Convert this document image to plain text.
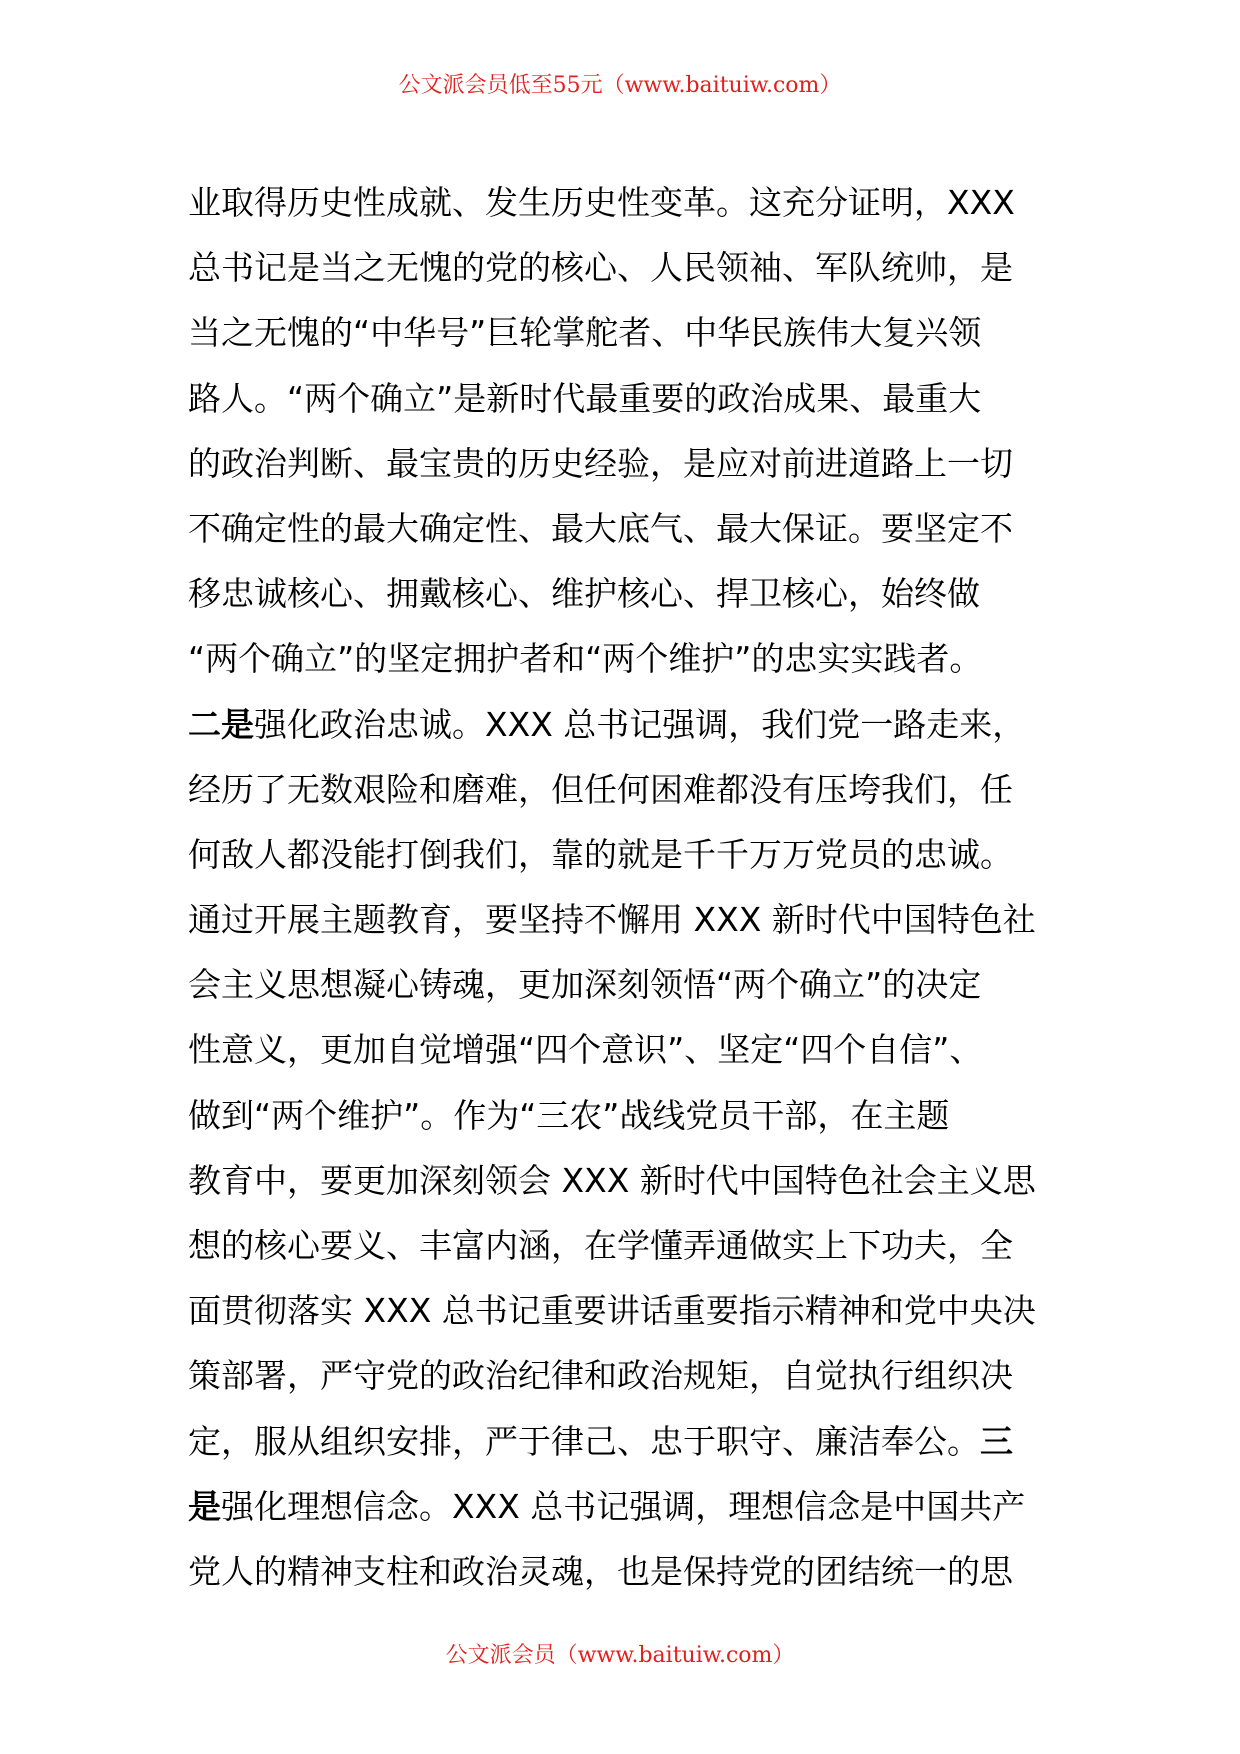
公文派会员低至55元（www.baituiw.com）
业取得历史性成就、发生历史性变革。这充分证明，XXX
总书记是当之无愧的党的核心、人民领袖、军队统帅，是
当之无愧的“中华号”巨轮掌舵者、中华民族伟大复兴领
路人。“两个确立”是新时代最重要的政治成果、最重大
的政治判断、最宝贵的历史经验，是应对前进道路上一切
不确定性的最大确定性、最大底气、最大保证。要坚定不
移忠诚核心、拥戴核心、维护核心、捍卫核心，始终做
“两个确立”的坚定拥护者和“两个维护”的忠实实践者。
二是强化政治忠诚。XXX 总书记强调，我们党一路走来，
经历了无数艰险和磨难，但任何困难都没有压垮我们，任
何敌人都没能打倒我们，靠的就是千千万万党员的忠诚。
通过开展主题教育，要坚持不懈用 XXX 新时代中国特色社
会主义思想凝心铸魂，更加深刻领悟“两个确立”的决定
性意义，更加自觉增强“四个意识”、坚定“四个自信”、
做到“两个维护”。作为“三农”战线党员干部，在主题
教育中，要更加深刻领会 XXX 新时代中国特色社会主义思
想的核心要义、丰富内涵，在学懂弄通做实上下功夫，全
面贯彻落实 XXX 总书记重要讲话重要指示精神和党中央决
策部署，严守党的政治纪律和政治规矩，自觉执行组织决
定，服从组织安排，严于律己、忠于职守、廉洁奉公。三
是强化理想信念。XXX 总书记强调，理想信念是中国共产
党人的精神支柱和政治灵魂，也是保持党的团结统一的思
公文派会员（www.baituiw.com）
